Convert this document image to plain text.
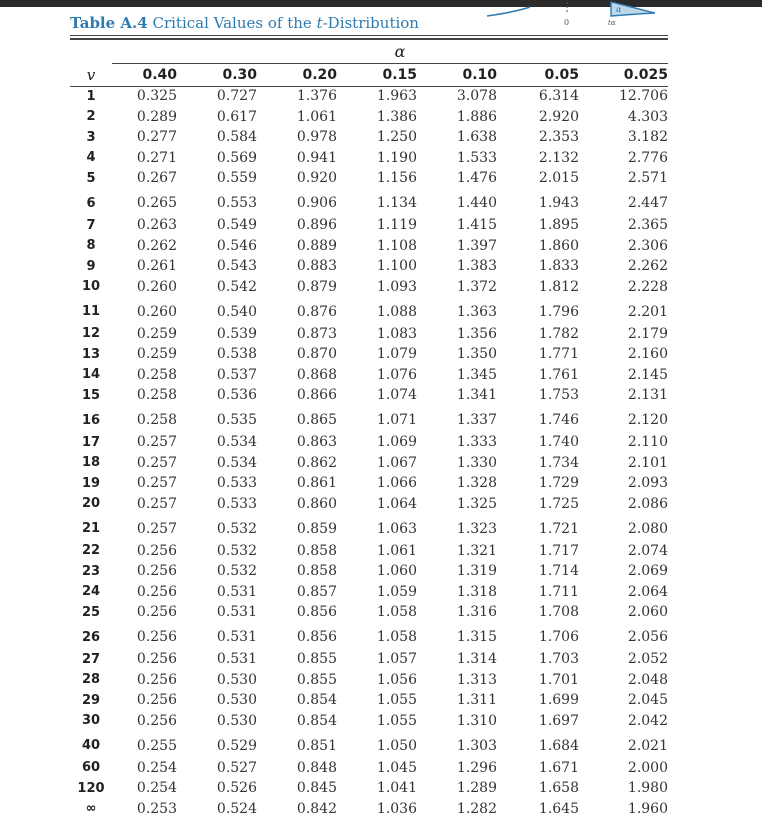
Table A.4 Critical Values of the t-Distribution	0
α
tα
α
v	0.40	0.30	0.20	0.15	0.10	0.05	0.025
1	0.325	0.727	1.376	1.963	3.078	6.314	12.706
2	0.289	0.617	1.061	1.386	1.886	2.920	4.303
3	0.277	0.584	0.978	1.250	1.638	2.353	3.182
4	0.271	0.569	0.941	1.190	1.533	2.132	2.776
5	0.267	0.559	0.920	1.156	1.476	2.015	2.571
6	0.265	0.553	0.906	1.134	1.440	1.943	2.447
7	0.263	0.549	0.896	1.119	1.415	1.895	2.365
8	0.262	0.546	0.889	1.108	1.397	1.860	2.306
9	0.261	0.543	0.883	1.100	1.383	1.833	2.262
10	0.260	0.542	0.879	1.093	1.372	1.812	2.228
11	0.260	0.540	0.876	1.088	1.363	1.796	2.201
12	0.259	0.539	0.873	1.083	1.356	1.782	2.179
13	0.259	0.538	0.870	1.079	1.350	1.771	2.160
14	0.258	0.537	0.868	1.076	1.345	1.761	2.145
15	0.258	0.536	0.866	1.074	1.341	1.753	2.131
16	0.258	0.535	0.865	1.071	1.337	1.746	2.120
17	0.257	0.534	0.863	1.069	1.333	1.740	2.110
18	0.257	0.534	0.862	1.067	1.330	1.734	2.101
19	0.257	0.533	0.861	1.066	1.328	1.729	2.093
20	0.257	0.533	0.860	1.064	1.325	1.725	2.086
21	0.257	0.532	0.859	1.063	1.323	1.721	2.080
22	0.256	0.532	0.858	1.061	1.321	1.717	2.074
23	0.256	0.532	0.858	1.060	1.319	1.714	2.069
24	0.256	0.531	0.857	1.059	1.318	1.711	2.064
25	0.256	0.531	0.856	1.058	1.316	1.708	2.060
26	0.256	0.531	0.856	1.058	1.315	1.706	2.056
27	0.256	0.531	0.855	1.057	1.314	1.703	2.052
28	0.256	0.530	0.855	1.056	1.313	1.701	2.048
29	0.256	0.530	0.854	1.055	1.311	1.699	2.045
30	0.256	0.530	0.854	1.055	1.310	1.697	2.042
40	0.255	0.529	0.851	1.050	1.303	1.684	2.021
60	0.254	0.527	0.848	1.045	1.296	1.671	2.000
120	0.254	0.526	0.845	1.041	1.289	1.658	1.980
∞	0.253	0.524	0.842	1.036	1.282	1.645	1.960
